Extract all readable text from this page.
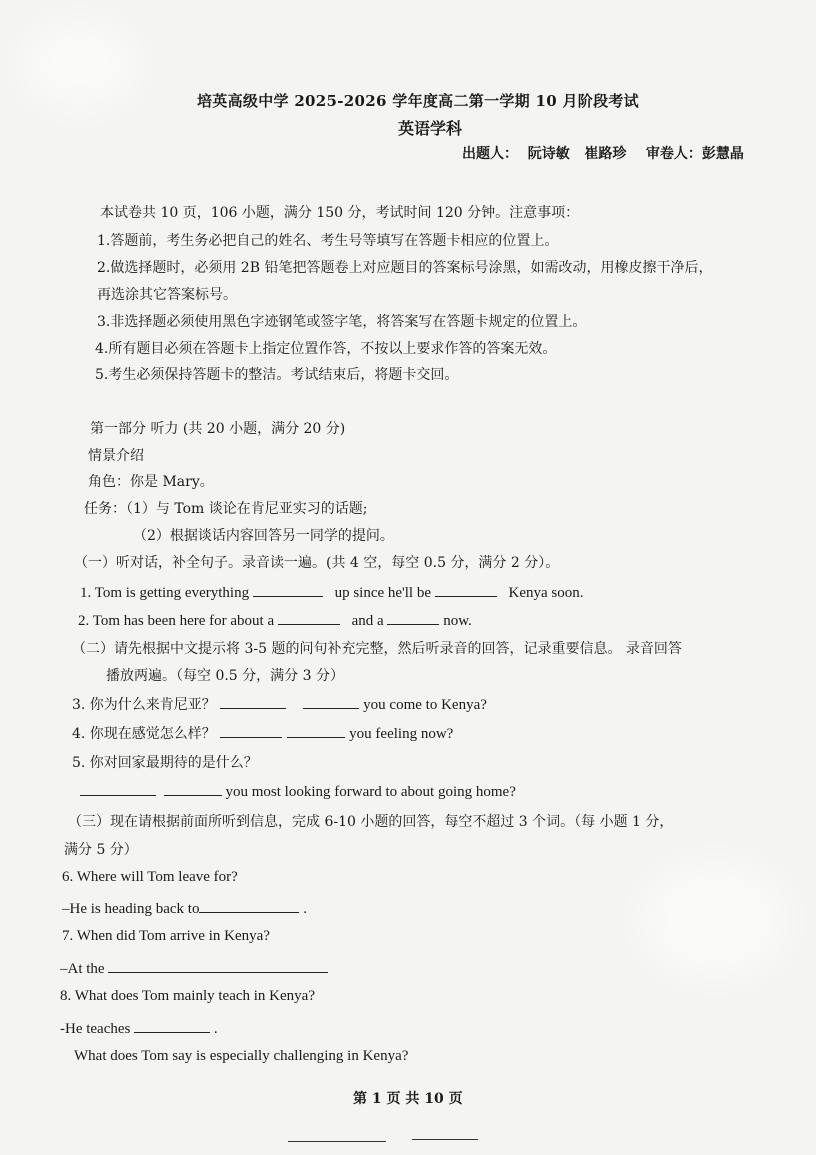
培英高级中学 2025-2026 学年度高二第一学期 10 月阶段考试
英语学科
出题人：  阮诗敏   崔路珍    审卷人：彭慧晶
本试卷共 10 页，106 小题，满分 150 分，考试时间 120 分钟。注意事项：
1.答题前，考生务必把自己的姓名、考生号等填写在答题卡相应的位置上。
2.做选择题时，必须用 2B 铅笔把答题卷上对应题目的答案标号涂黑，如需改动，用橡皮擦干净后，
再选涂其它答案标号。
3.非选择题必须使用黑色字迹钢笔或签字笔，将答案写在答题卡规定的位置上。
4.所有题目必须在答题卡上指定位置作答，不按以上要求作答的答案无效。
5.考生必须保持答题卡的整洁。考试结束后，将题卡交回。
第一部分 听力 (共 20 小题，满分 20 分)
情景介绍
角色：你是 Mary。
任务：（1）与 Tom 谈论在肯尼亚实习的话题;
（2）根据谈话内容回答另一同学的提问。
（一）听对话，补全句子。录音读一遍。(共 4 空，每空 0.5 分，满分 2 分）。
1. Tom is getting everything	up since he'll be	Kenya soon.
2. Tom has been here for about a	and a	now.
（二）请先根据中文提示将 3-5 题的问句补充完整，然后听录音的回答，记录重要信息。 录音回答
播放两遍。（每空 0.5 分，满分 3 分）
3. 你为什么来肯尼亚？	you come to Kenya?
4. 你现在感觉怎么样？	you feeling now?
5. 你对回家最期待的是什么？
you most looking forward to about going home?
（三）现在请根据前面所听到信息，完成 6-10 小题的回答，每空不超过 3 个词。（每 小题 1 分，
满分 5 分）
6. Where will Tom leave for?
–He is heading back to	.
7. When did Tom arrive in Kenya?
–At the
8. What does Tom mainly teach in Kenya?
-He teaches	.
What does Tom say is especially challenging in Kenya?
第 1 页 共 10 页
